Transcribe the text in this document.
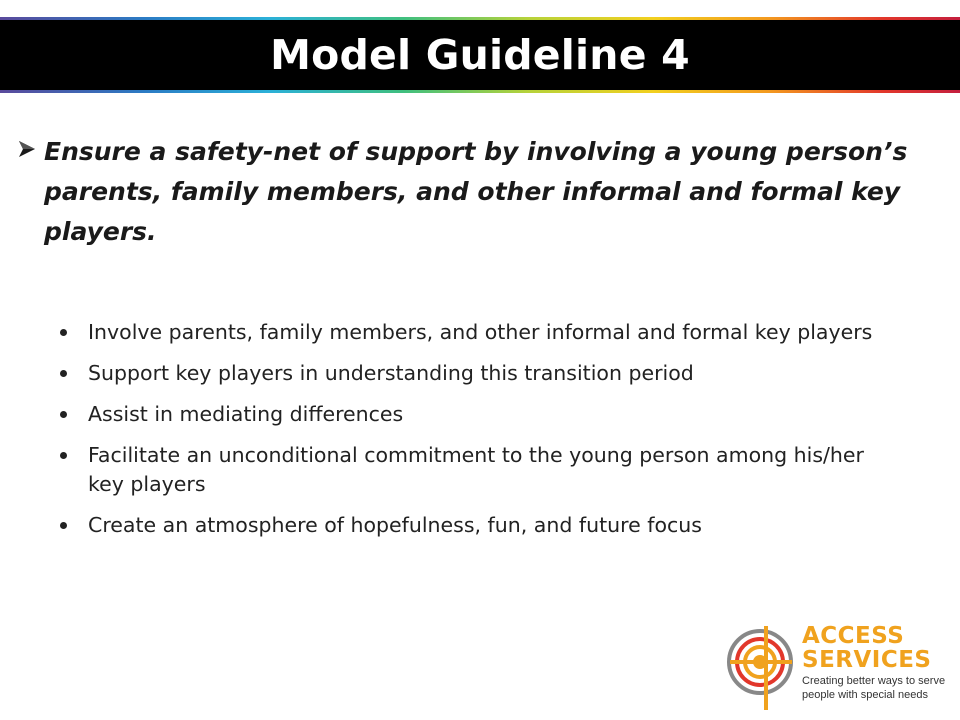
Model Guideline 4

Ensure a safety-net of support by involving a young person’s parents, family members, and other informal and formal key players.

Involve parents, family members, and other informal and formal key players
Support key players in understanding this transition period
Assist in mediating differences
Facilitate an unconditional commitment to the young person among his/her key players
Create an atmosphere of hopefulness, fun, and future focus
ACCESS
SERVICES
Creating better ways to serve
people with special needs
